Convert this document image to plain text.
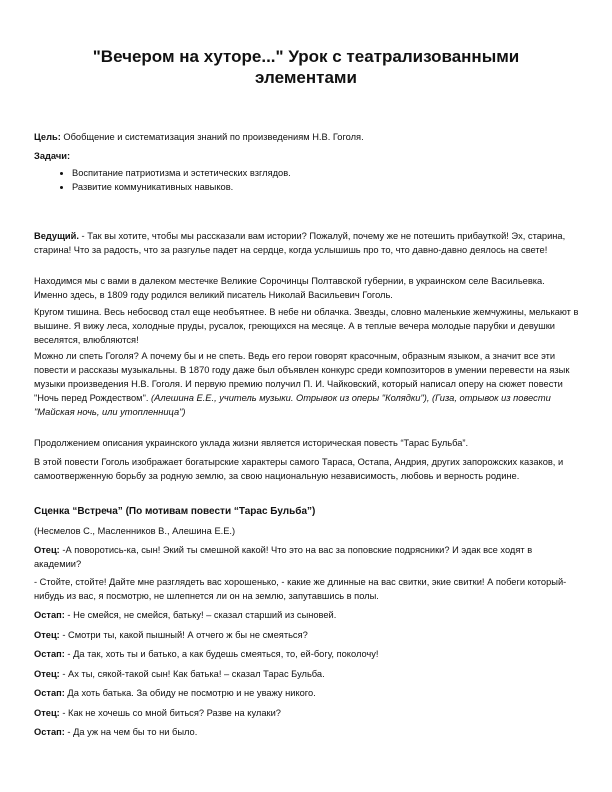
"Вечером на хуторе..." Урок с театрализованными элементами

Цель: Обобщение и систематизация знаний по произведениям Н.В. Гоголя.

Задачи:

• Воспитание патриотизма и эстетических взглядов.
• Развитие коммуникативных навыков.

Ведущий. - Так вы хотите, чтобы мы рассказали вам истории? Пожалуй, почему же не потешить прибауткой! Эх, старина, старина! Что за радость, что за разгулье падет на сердце, когда услышишь про то, что давно-давно деялось на свете!

Находимся мы с вами в далеком местечке Великие Сорочинцы Полтавской губернии, в украинском селе Васильевка. Именно здесь, в 1809 году родился великий писатель Николай Васильевич Гоголь.

Кругом тишина. Весь небосвод стал еще необъятнее. В небе ни облачка. Звезды, словно маленькие жемчужины, мелькают в вышине. Я вижу леса, холодные пруды, русалок, греющихся на месяце. А в теплые вечера молодые парубки и девушки веселятся, влюбляются!

Можно ли спеть Гоголя? А почему бы и не спеть. Ведь его герои говорят красочным, образным языком, а значит все эти повести и рассказы музыкальны. В 1870 году даже был объявлен конкурс среди композиторов в умении перевести на язык музыки произведения Н.В. Гоголя. И первую премию получил П. И. Чайковский, который написал оперу на сюжет повести "Ночь перед Рождеством". (Алешина Е.Е., учитель музыки. Отрывок из оперы "Колядки"), (Гиза, отрывок из повести "Майская ночь, или утопленница")

Продолжением описания украинского уклада жизни является историческая повесть “Тарас Бульба”.

В этой повести Гоголь изображает богатырские характеры самого Тараса, Остапа, Андрия, других запорожских казаков, и самоотверженную борьбу за родную землю, за свою национальную независимость, любовь и верность родине.

Сценка “Встреча” (По мотивам повести “Тарас Бульба”)

(Несмелов С., Масленников В., Алешина Е.Е.)

Отец: -А поворотись-ка, сын! Экий ты смешной какой! Что это на вас за поповские подрясники? И эдак все ходят в академии?

- Стойте, стойте! Дайте мне разглядеть вас хорошенько, - какие же длинные на вас свитки, экие свитки! А побеги который-нибудь из вас, я посмотрю, не шлепнется ли он на землю, запутавшись в полы.

Остап: - Не смейся, не смейся, батьку! – сказал старший из сыновей.

Отец: - Смотри ты, какой пышный! А отчего ж бы не смеяться?

Остап: - Да так, хоть ты и батько, а как будешь смеяться, то, ей-богу, поколочу!

Отец: - Ах ты, сякой-такой сын! Как батька! – сказал Тарас Бульба.

Остап: Да хоть батька. За обиду не посмотрю и не уважу никого.

Отец: - Как не хочешь со мной биться? Разве на кулаки?

Остап: - Да уж на чем бы то ни было.
